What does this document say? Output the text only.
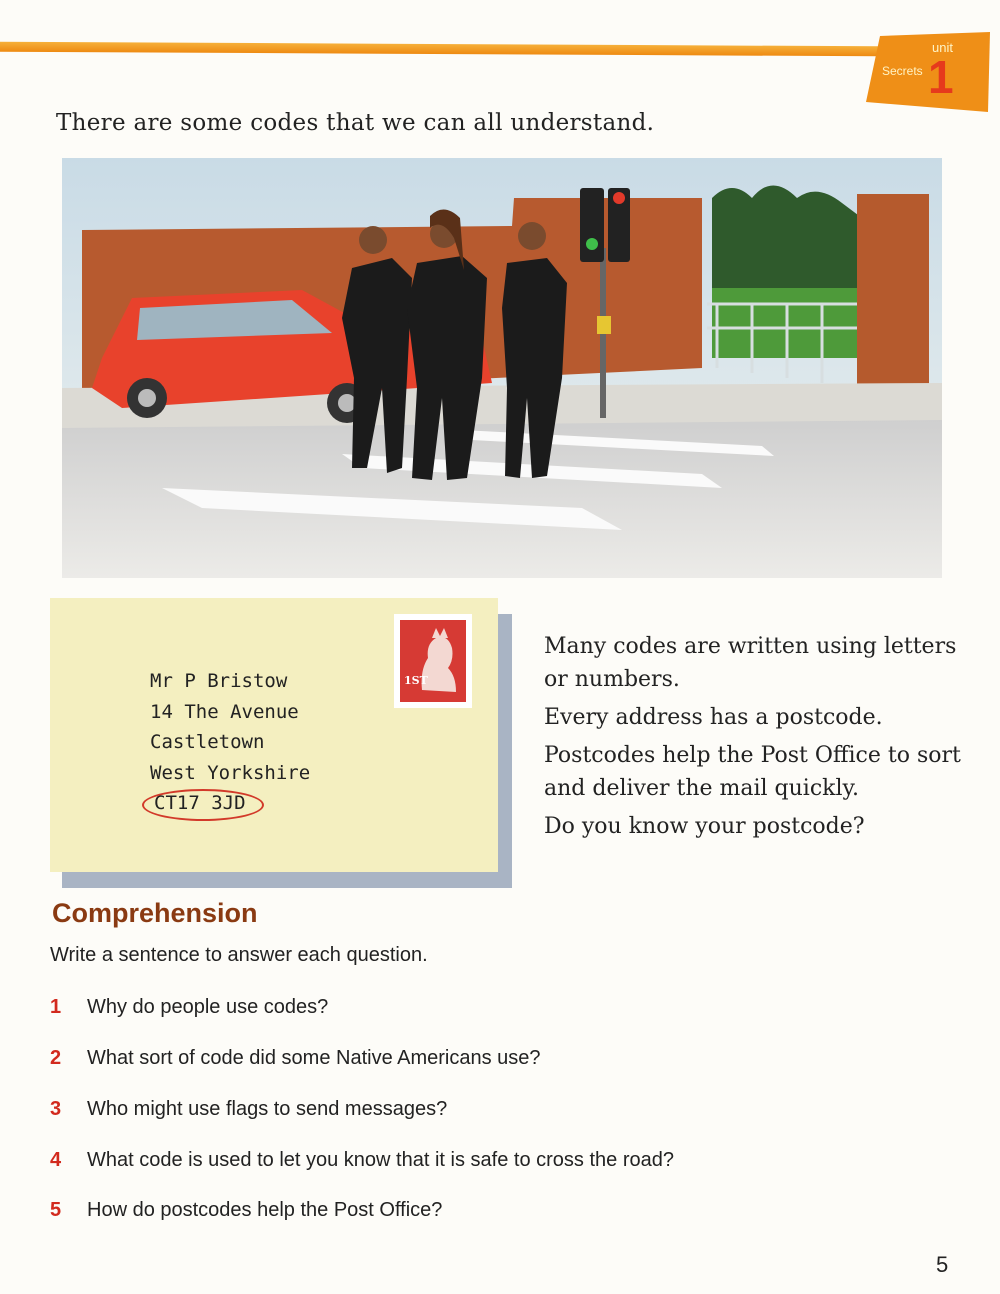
unit
Secrets 1
There are some codes that we can all understand.
1ST
Mr P Bristow
14 The Avenue
Castletown
West Yorkshire
CT17 3JD

Many codes are written using letters or numbers.

Every address has a postcode.

Postcodes help the Post Office to sort and deliver the mail quickly.

Do you know your postcode?

Comprehension
Write a sentence to answer each question.
1 Why do people use codes?
2 What sort of code did some Native Americans use?
3 Who might use flags to send messages?
4 What code is used to let you know that it is safe to cross the road?
5 How do postcodes help the Post Office?
5
